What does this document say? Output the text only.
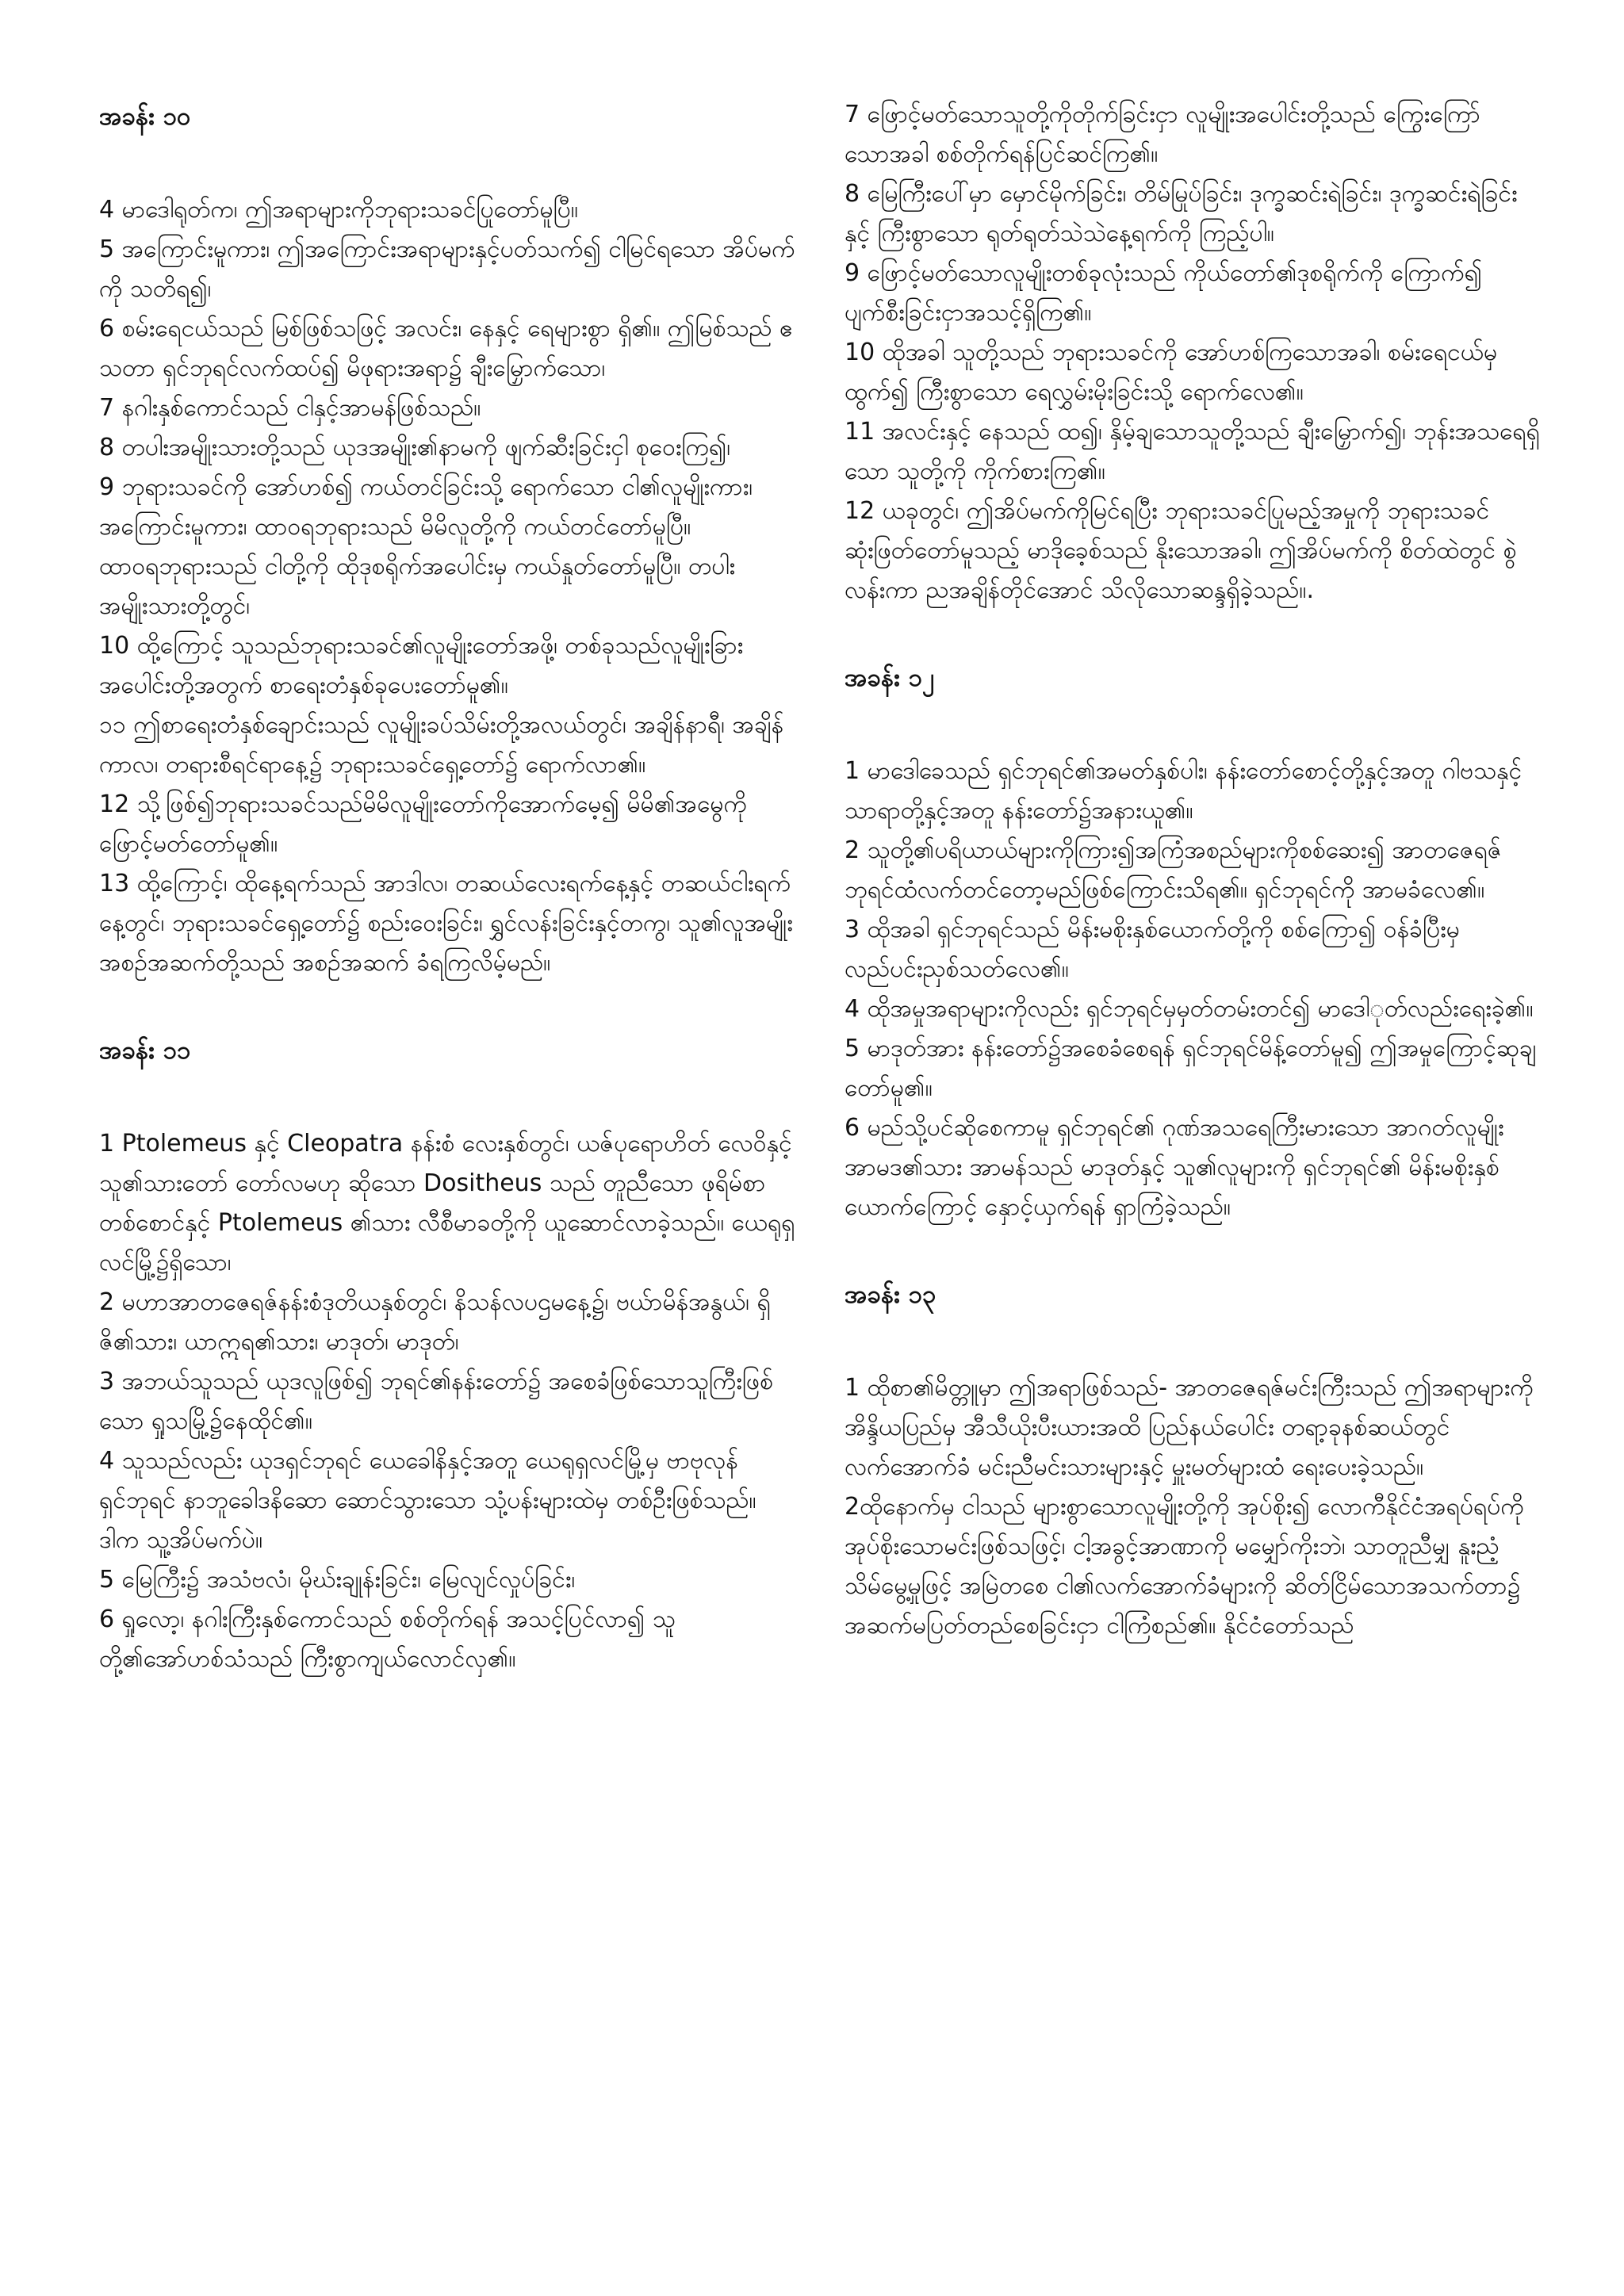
အခန်း ၁၀

4 မာဒေါရုတ်က၊ ဤအရာများကိုဘုရားသခင်ပြုတော်မူပြီ။

5 အကြောင်းမူကား၊ ဤအကြောင်းအရာများနှင့်ပတ်သက်၍ ငါမြင်ရသော အိပ်မက်ကို သတိရ၍၊

6 စမ်းရေငယ်သည် မြစ်ဖြစ်သဖြင့် အလင်း၊ နေနှင့် ရေများစွာ ရှိ၏။ ဤမြစ်သည် ဧသတာ ရှင်ဘုရင်လက်ထပ်၍ မိဖုရားအရာ၌ ချီးမြှောက်သော၊

7 နဂါးနှစ်ကောင်သည် ငါနှင့်အာမန်ဖြစ်သည်။

8 တပါးအမျိုးသားတို့သည် ယုဒအမျိုး၏နာမကို ဖျက်ဆီးခြင်းငှါ စုဝေးကြ၍၊

9 ဘုရားသခင်ကို အော်ဟစ်၍ ကယ်တင်ခြင်းသို့ ရောက်သော ငါ၏လူမျိုးကား၊ အကြောင်းမူကား၊ ထာဝရဘုရားသည် မိမိလူတို့ကို ကယ်တင်တော်မူပြီ။ ထာဝရဘုရားသည် ငါတို့ကို ထိုဒုစရိုက်အပေါင်းမှ ကယ်နှုတ်တော်မူပြီ။ တပါးအမျိုးသားတို့တွင်၊

10 ထို့ကြောင့် သူသည်ဘုရားသခင်၏လူမျိုးတော်အဖို့၊ တစ်ခုသည်လူမျိုးခြားအပေါင်းတို့အတွက် စာရေးတံနှစ်ခုပေးတော်မူ၏။

၁၁ ဤစာရေးတံနှစ်ချောင်းသည် လူမျိုးခပ်သိမ်းတို့အလယ်တွင်၊ အချိန်နာရီ၊ အချိန်ကာလ၊ တရားစီရင်ရာနေ့၌ ဘုရားသခင်ရှေ့တော်၌ ရောက်လာ၏။

12 သို့ဖြစ်၍ဘုရားသခင်သည်မိမိလူမျိုးတော်ကိုအောက်မေ့၍ မိမိ၏အမွေကိုဖြောင့်မတ်တော်မူ၏။

13 ထို့ကြောင့်၊ ထိုနေ့ရက်သည် အာဒါလ၊ တဆယ်လေးရက်နေ့နှင့် တဆယ်ငါးရက်နေ့တွင်၊ ဘုရားသခင်ရှေ့တော်၌ စည်းဝေးခြင်း၊ ရွှင်လန်းခြင်းနှင့်တကွ၊ သူ၏လူအမျိုးအစဉ်အဆက်တို့သည် အစဉ်အဆက် ခံရကြလိမ့်မည်။

အခန်း ၁၁

1 Ptolemeus နှင့် Cleopatra နန်းစံ လေးနှစ်တွင်၊ ယဇ်ပုရောဟိတ် လေဝိနှင့် သူ၏သားတော် တော်လမဟု ဆိုသော Dositheus သည် တူညီသော ဖုရိမ်စာတစ်စောင်နှင့် Ptolemeus ၏သား လီစီမာခတို့ကို ယူဆောင်လာခဲ့သည်။ ယေရုရှလင်မြို့၌ရှိသော၊

2 မဟာအာတဇေရဇ်နန်းစံဒုတိယနှစ်တွင်၊ နိသန်လပဌမနေ့၌၊ ဗယ်ာမိန်အနွယ်၊ ရှိဇိ၏သား၊ ယာဣရ၏သား၊ မာဒုတ်၊ မာဒုတ်၊

3 အဘယ်သူသည် ယုဒလူဖြစ်၍ ဘုရင်၏နန်းတော်၌ အစေခံဖြစ်သောသူကြီးဖြစ်သော ရှုသမြို့၌နေထိုင်၏။

4 သူသည်လည်း ယုဒရှင်ဘုရင် ယေခေါနိနှင့်အတူ ယေရုရှလင်မြို့မှ ဗာဗုလုန်ရှင်ဘုရင် နာဘူခေါဒနိဆော ဆောင်သွားသော သုံ့ပန်းများထဲမှ တစ်ဦးဖြစ်သည်။ ဒါက သူ့အိပ်မက်ပဲ။

5 မြေကြီး၌ အသံဗလံ၊ မိုဃ်းချုန်းခြင်း၊ မြေလျင်လှုပ်ခြင်း၊

6 ရှုလော့၊ နဂါးကြီးနှစ်ကောင်သည် စစ်တိုက်ရန် အသင့်ပြင်လာ၍ သူတို့၏အော်ဟစ်သံသည် ကြီးစွာကျယ်လောင်လှ၏။

7 ဖြောင့်မတ်သောသူတို့ကိုတိုက်ခြင်းငှာ လူမျိုးအပေါင်းတို့သည် ကြွေးကြော်သောအခါ စစ်တိုက်ရန်ပြင်ဆင်ကြ၏။

8 မြေကြီးပေါ်မှာ မှောင်မိုက်ခြင်း၊ တိမ်မြုပ်ခြင်း၊ ဒုက္ခဆင်းရဲခြင်း၊ ဒုက္ခဆင်းရဲခြင်းနှင့် ကြီးစွာသော ရုတ်ရုတ်သဲသဲနေ့ရက်ကို ကြည့်ပါ။

9 ဖြောင့်မတ်သောလူမျိုးတစ်ခုလုံးသည် ကိုယ်တော်၏ဒုစရိုက်ကို ကြောက်၍ ပျက်စီးခြင်းငှာအသင့်ရှိကြ၏။

10 ထိုအခါ သူတို့သည် ဘုရားသခင်ကို အော်ဟစ်ကြသောအခါ၊ စမ်းရေငယ်မှထွက်၍ ကြီးစွာသော ရေလွှမ်းမိုးခြင်းသို့ ရောက်လေ၏။

11 အလင်းနှင့် နေသည် ထ၍၊ နှိမ့်ချသောသူတို့သည် ချီးမြှောက်၍၊ ဘုန်းအသရေရှိသော သူတို့ကို ကိုက်စားကြ၏။

12 ယခုတွင်၊ ဤအိပ်မက်ကိုမြင်ရပြီး ဘုရားသခင်ပြုမည့်အမှုကို ဘုရားသခင်ဆုံးဖြတ်တော်မူသည့် မာဒိုခေ့စ်သည် နိုးသောအခါ၊ ဤအိပ်မက်ကို စိတ်ထဲတွင် စွဲလန်းကာ ညအချိန်တိုင်အောင် သိလိုသောဆန္ဒရှိခဲ့သည်။.

အခန်း ၁၂

1 မာဒေါခေသည် ရှင်ဘုရင်၏အမတ်နှစ်ပါး၊ နန်းတော်စောင့်တို့နှင့်အတူ ဂါဗသနှင့်သာရာတို့နှင့်အတူ နန်းတော်၌အနားယူ၏။

2 သူတို့၏ပရိယာယ်များကိုကြား၍အကြံအစည်များကိုစစ်ဆေး၍ အာတဇေရဇ်ဘုရင်ထံလက်တင်တော့မည်ဖြစ်ကြောင်းသိရ၏။ ရှင်ဘုရင်ကို အာမခံလေ၏။

3 ထိုအခါ ရှင်ဘုရင်သည် မိန်းမစိုးနှစ်ယောက်တို့ကို စစ်ကြော၍ ဝန်ခံပြီးမှ လည်ပင်းညှစ်သတ်လေ၏။

4 ထိုအမှုအရာများကိုလည်း ရှင်ဘုရင်မှမှတ်တမ်းတင်၍ မာဒေါုတ်လည်းရေးခဲ့၏။

5 မာဒုတ်အား နန်းတော်၌အစေခံစေရန် ရှင်ဘုရင်မိန့်တော်မူ၍ ဤအမှုကြောင့်ဆုချတော်မူ၏။

6 မည်သို့ပင်ဆိုစေကာမူ ရှင်ဘုရင်၏ ဂုဏ်အသရေကြီးမားသော အာဂတ်လူမျိုး အာမဒ၏သား အာမန်သည် မာဒုတ်နှင့် သူ၏လူများကို ရှင်ဘုရင်၏ မိန်းမစိုးနှစ်ယောက်ကြောင့် နှောင့်ယှက်ရန် ရှာကြံခဲ့သည်။

အခန်း ၁၃

1 ထိုစာ၏မိတ္တူမှာ ဤအရာဖြစ်သည်- အာတဇေရဇ်မင်းကြီးသည် ဤအရာများကို အိန္ဒိယပြည်မှ အီသီယိုးပီးယားအထိ ပြည်နယ်ပေါင်း တရာ့ခုနစ်ဆယ်တွင် လက်အောက်ခံ မင်းညီမင်းသားများနှင့် မှူးမတ်များထံ ရေးပေးခဲ့သည်။

2ထိုနောက်မှ ငါသည် များစွာသောလူမျိုးတို့ကို အုပ်စိုး၍ လောကီနိုင်ငံအရပ်ရပ်ကို အုပ်စိုးသောမင်းဖြစ်သဖြင့်၊ ငါ့အခွင့်အာဏာကို မမျှော်ကိုးဘဲ၊ သာတူညီမျှ နူးညံ့သိမ်မွေ့မှုဖြင့် အမြဲတစေ ငါ၏လက်အောက်ခံများကို ဆိတ်ငြိမ်သောအသက်တာ၌ အဆက်မပြတ်တည်စေခြင်းငှာ ငါကြံစည်၏။ နိုင်ငံတော်သည်
